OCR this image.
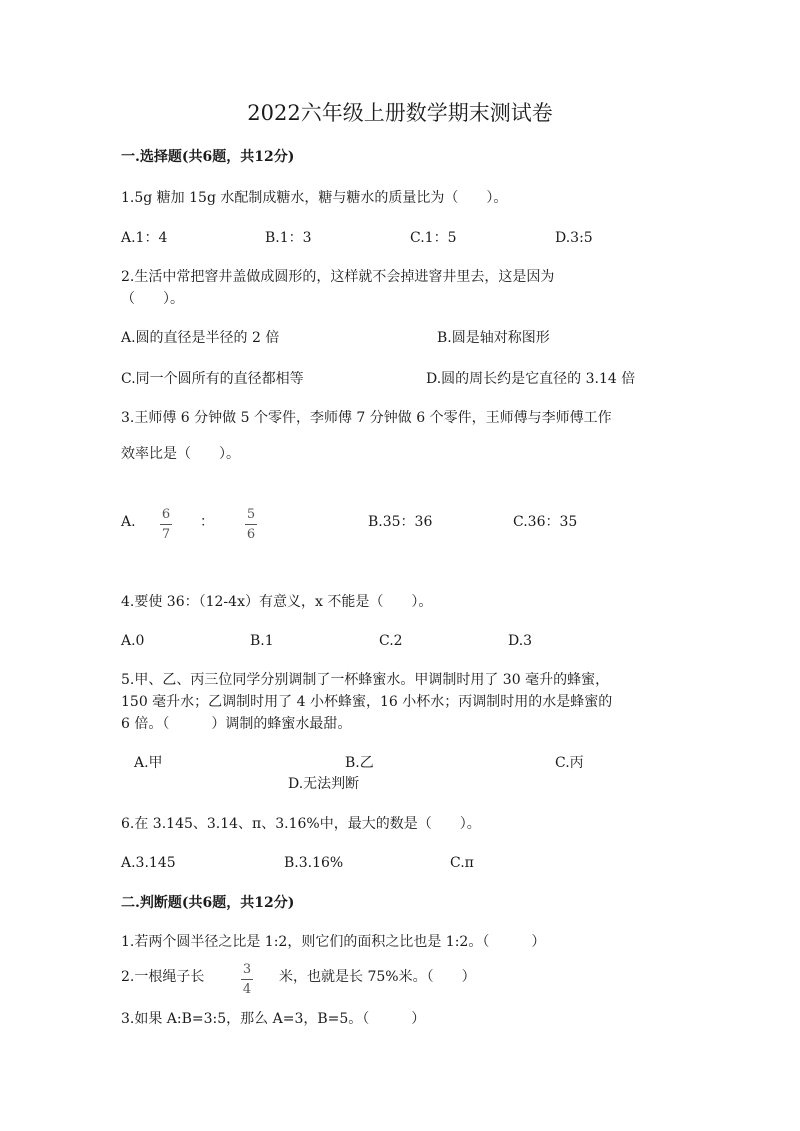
2022六年级上册数学期末测试卷
一.选择题(共6题，共12分)
1.5g 糖加 15g 水配制成糖水，糖与糖水的质量比为（　　）。
A.1：4	B.1：3	C.1：5	D.3:5
2.生活中常把窨井盖做成圆形的，这样就不会掉进窨井里去，这是因为
（　　）。
A.圆的直径是半径的 2 倍	B.圆是轴对称图形
C.同一个圆所有的直径都相等	D.圆的周长约是它直径的 3.14 倍
3.王师傅 6 分钟做 5 个零件，李师傅 7 分钟做 6 个零件，王师傅与李师傅工作
效率比是（　　）。
A. 6
7
：	5
6
B.35：36	C.36：35
4.要使 36：（12-4x）有意义，x 不能是（　　）。
A.0	B.1	C.2	D.3
5.甲、乙、丙三位同学分别调制了一杯蜂蜜水。甲调制时用了 30 毫升的蜂蜜，
150 毫升水；乙调制时用了 4 小杯蜂蜜，16 小杯水；丙调制时用的水是蜂蜜的
6 倍。（　　　）调制的蜂蜜水最甜。
A.甲	B.乙	C.丙
D.无法判断
6.在 3.145、3.14、π、3.16%中，最大的数是（　　）。
A.3.145	B.3.16%	C.π
二.判断题(共6题，共12分)
1.若两个圆半径之比是 1:2，则它们的面积之比也是 1:2。（　　　）
2.一根绳子长	3
4
米，也就是长 75%米。（　　）
3.如果 A:B=3:5，那么 A=3，B=5。（　　　）
